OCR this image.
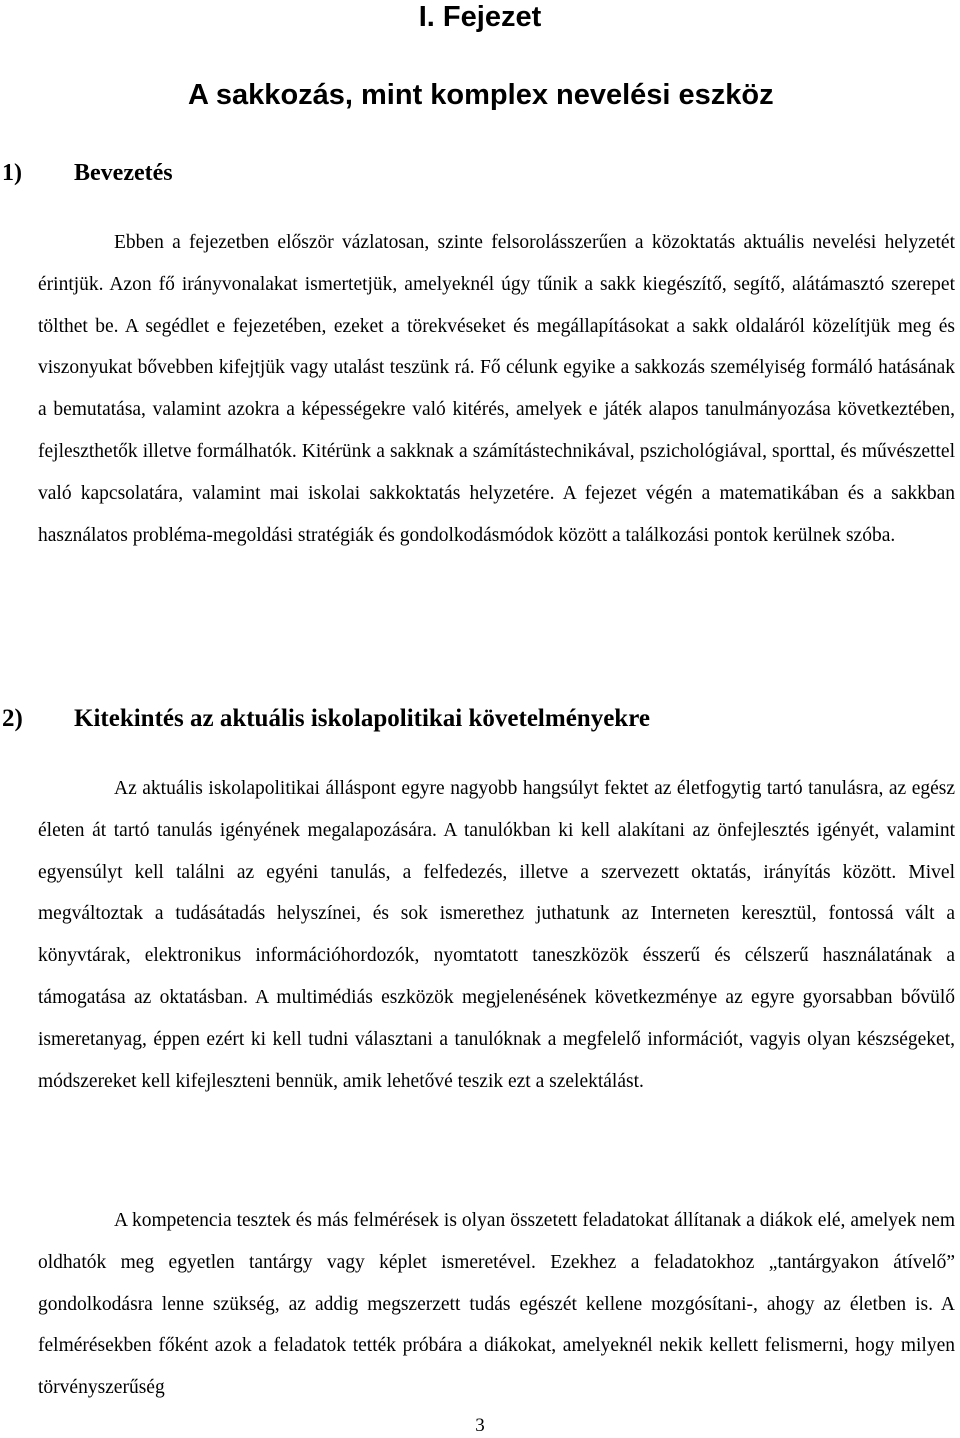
I. Fejezet
A sakkozás, mint komplex nevelési eszköz
1) Bevezetés

Ebben a fejezetben először vázlatosan, szinte felsorolásszerűen a közoktatás aktuális nevelési helyzetét érintjük. Azon fő irányvonalakat ismertetjük, amelyeknél úgy tűnik a sakk kiegészítő, segítő, alátámasztó szerepet tölthet be. A segédlet e fejezetében, ezeket a törekvéseket és megállapításokat a sakk oldaláról közelítjük meg és viszonyukat bővebben kifejtjük vagy utalást teszünk rá. Fő célunk egyike a sakkozás személyiség formáló hatásának a bemutatása, valamint azokra a képességekre való kitérés, amelyek e játék alapos tanulmányozása következtében, fejleszthetők illetve formálhatók. Kitérünk a sakknak a számítástechnikával, pszichológiával, sporttal, és művészettel való kapcsolatára, valamint mai iskolai sakkoktatás helyzetére. A fejezet végén a matematikában és a sakkban használatos probléma-megoldási stratégiák és gondolkodásmódok között a találkozási pontok kerülnek szóba.

2) Kitekintés az aktuális iskolapolitikai követelményekre

Az aktuális iskolapolitikai álláspont egyre nagyobb hangsúlyt fektet az életfogytig tartó tanulásra, az egész életen át tartó tanulás igényének megalapozására. A tanulókban ki kell alakítani az önfejlesztés igényét, valamint egyensúlyt kell találni az egyéni tanulás, a felfedezés, illetve a szervezett oktatás, irányítás között. Mivel megváltoztak a tudásátadás helyszínei, és sok ismerethez juthatunk az Interneten keresztül, fontossá vált a könyvtárak, elektronikus információhordozók, nyomtatott taneszközök ésszerű és célszerű használatának a támogatása az oktatásban. A multimédiás eszközök megjelenésének következménye az egyre gyorsabban bővülő ismeretanyag, éppen ezért ki kell tudni választani a tanulóknak a megfelelő információt, vagyis olyan készségeket, módszereket kell kifejleszteni bennük, amik lehetővé teszik ezt a szelektálást.

A kompetencia tesztek és más felmérések is olyan összetett feladatokat állítanak a diákok elé, amelyek nem oldhatók meg egyetlen tantárgy vagy képlet ismeretével. Ezekhez a feladatokhoz „tantárgyakon átívelő” gondolkodásra lenne szükség, az addig megszerzett tudás egészét kellene mozgósítani-, ahogy az életben is. A felmérésekben főként azok a feladatok tették próbára a diákokat, amelyeknél nekik kellett felismerni, hogy milyen törvényszerűség

3
